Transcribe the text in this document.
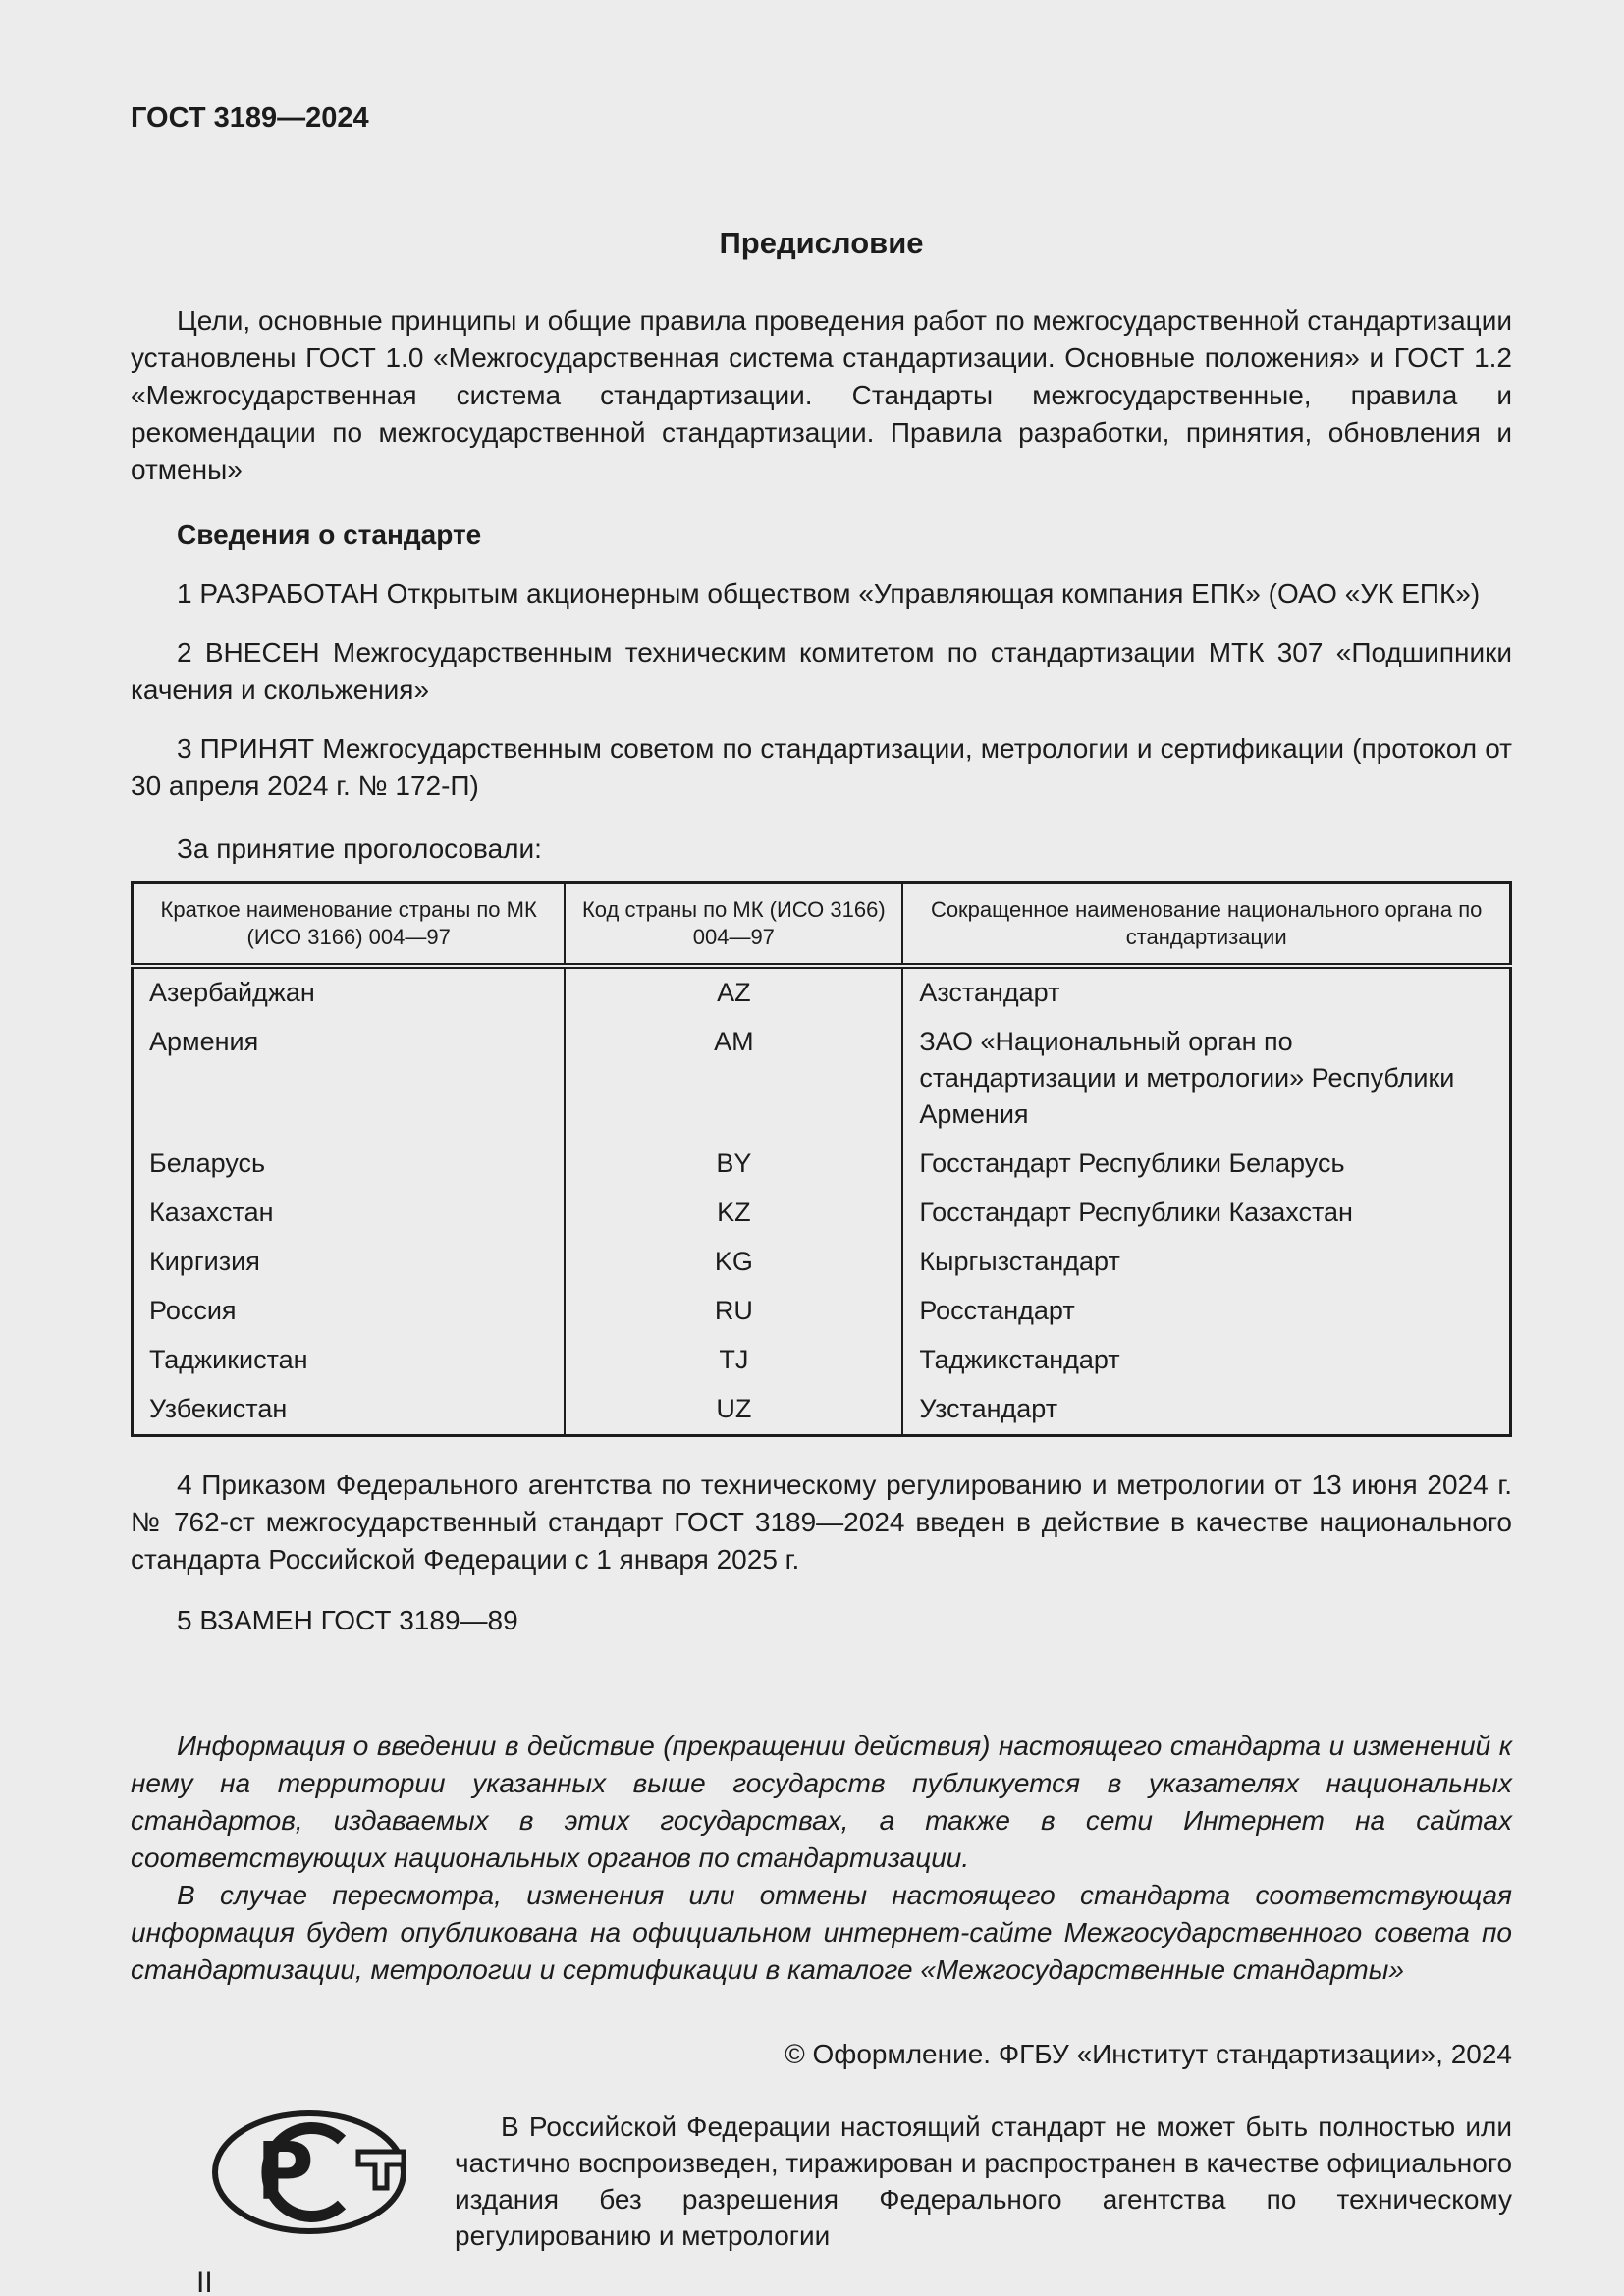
ГОСТ 3189—2024
Предисловие

Цели, основные принципы и общие правила проведения работ по межгосударственной стандартизации установлены ГОСТ 1.0 «Межгосударственная система стандартизации. Основные положения» и ГОСТ 1.2 «Межгосударственная система стандартизации. Стандарты межгосударственные, правила и рекомендации по межгосударственной стандартизации. Правила разработки, принятия, обновления и отмены»

Сведения о стандарте

1 РАЗРАБОТАН Открытым акционерным обществом «Управляющая компания ЕПК» (ОАО «УК ЕПК»)

2 ВНЕСЕН Межгосударственным техническим комитетом по стандартизации МТК 307 «Подшипники качения и скольжения»

3 ПРИНЯТ Межгосударственным советом по стандартизации, метрологии и сертификации (протокол от 30 апреля 2024 г. № 172-П)

За принятие проголосовали:
Краткое наименование страны по МК (ИСО 3166) 004—97	Код страны по МК (ИСО 3166) 004—97	Сокращенное наименование национального органа по стандартизации
Азербайджан	AZ	Азстандарт
Армения	AM	ЗАО «Национальный орган по стандартизации и метрологии» Республики Армения
Беларусь	BY	Госстандарт Республики Беларусь
Казахстан	KZ	Госстандарт Республики Казахстан
Киргизия	KG	Кыргызстандарт
Россия	RU	Росстандарт
Таджикистан	TJ	Таджикстандарт
Узбекистан	UZ	Узстандарт

4 Приказом Федерального агентства по техническому регулированию и метрологии от 13 июня 2024 г. № 762-ст межгосударственный стандарт ГОСТ 3189—2024 введен в действие в качестве национального стандарта Российской Федерации с 1 января 2025 г.

5 ВЗАМЕН ГОСТ 3189—89

Информация о введении в действие (прекращении действия) настоящего стандарта и изменений к нему на территории указанных выше государств публикуется в указателях национальных стандартов, издаваемых в этих государствах, а также в сети Интернет на сайтах соответствующих национальных органов по стандартизации.

В случае пересмотра, изменения или отмены настоящего стандарта соответствующая информация будет опубликована на официальном интернет-сайте Межгосударственного совета по стандартизации, метрологии и сертификации в каталоге «Межгосударственные стандарты»

© Оформление. ФГБУ «Институт стандартизации», 2024
Р	В Российской Федерации настоящий стандарт не может быть полностью или частично воспроизведен, тиражирован и распространен в качестве официального издания без разрешения Федерального агентства по техническому регулированию и метрологии

II
